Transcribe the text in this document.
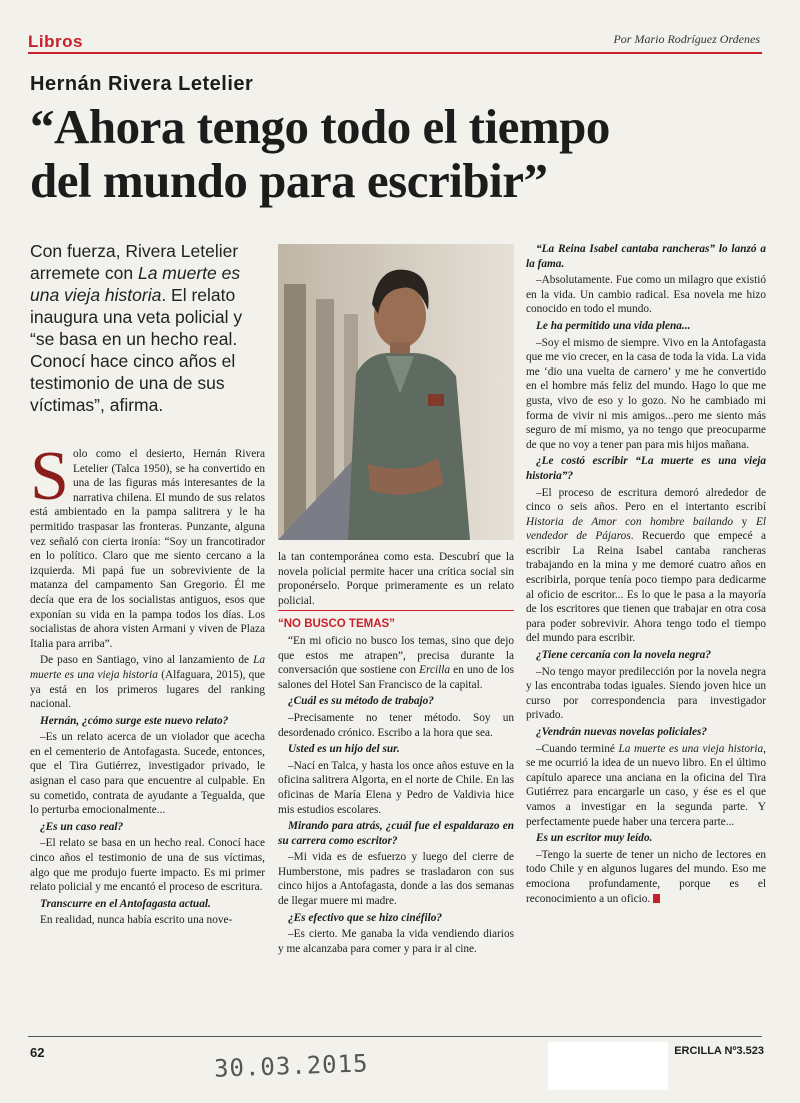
Libros	Por Mario Rodríguez Ordenes
Hernán Rivera Letelier
“Ahora tengo todo el tiempo del mundo para escribir”
Con fuerza, Rivera Letelier arremete con La muerte es una vieja historia. El relato inaugura una veta policial y “se basa en un hecho real. Conocí hace cinco años el testimonio de una de sus víctimas”, afirma.

Solo como el desierto, Hernán Rivera Letelier (Talca 1950), se ha convertido en una de las figuras más interesantes de la narrativa chilena. El mundo de sus relatos está ambientado en la pampa salitrera y le ha permitido traspasar las fronteras. Punzante, alguna vez señaló con cierta ironía: “Soy un francotirador en lo político. Claro que me siento cercano a la izquierda. Mi papá fue un sobreviviente de la matanza del campamento San Gregorio. Él me decía que era de los socialistas antiguos, esos que exponían su vida en la pampa todos los días. Los socialistas de ahora visten Armani y viven de Plaza Italia para arriba”.

De paso en Santiago, vino al lanzamiento de La muerte es una vieja historia (Alfaguara, 2015), que ya está en los primeros lugares del ranking nacional.

Hernán, ¿cómo surge este nuevo relato?

–Es un relato acerca de un violador que acecha en el cementerio de Antofagasta. Sucede, entonces, que el Tira Gutiérrez, investigador privado, le asignan el caso para que encuentre al culpable. En su cometido, contrata de ayudante a Tegualda, que lo perturba emocionalmente...

¿Es un caso real?

–El relato se basa en un hecho real. Conocí hace cinco años el testimonio de una de sus víctimas, algo que me produjo fuerte impacto. Es mi primer relato policial y me encantó el proceso de escritura.

Transcurre en el Antofagasta actual.

En realidad, nunca había escrito una nove-

la tan contemporánea como esta. Descubrí que la novela policial permite hacer una crítica social sin proponérselo. Porque primeramente es un relato policial.

“NO BUSCO TEMAS”

“En mi oficio no busco los temas, sino que dejo que estos me atrapen”, precisa durante la conversación que sostiene con Ercilla en uno de los salones del Hotel San Francisco de la capital.

¿Cuál es su método de trabajo?

–Precisamente no tener método. Soy un desordenado crónico. Escribo a la hora que sea.

Usted es un hijo del sur.

–Nací en Talca, y hasta los once años estuve en la oficina salitrera Algorta, en el norte de Chile. En las oficinas de María Elena y Pedro de Valdivia hice mis estudios escolares.

Mirando para atrás, ¿cuál fue el espaldarazo en su carrera como escritor?

–Mi vida es de esfuerzo y luego del cierre de Humberstone, mis padres se trasladaron con sus cinco hijos a Antofagasta, donde a las dos semanas de llegar muere mi madre.

¿Es efectivo que se hizo cinéfilo?

–Es cierto. Me ganaba la vida vendiendo diarios y me alcanzaba para comer y para ir al cine.

“La Reina Isabel cantaba rancheras” lo lanzó a la fama.

–Absolutamente. Fue como un milagro que existió en la vida. Un cambio radical. Esa novela me hizo conocido en todo el mundo.

Le ha permitido una vida plena...

–Soy el mismo de siempre. Vivo en la Antofagasta que me vio crecer, en la casa de toda la vida. La vida me ‘dio una vuelta de carnero’ y me he convertido en el hombre más feliz del mundo. Hago lo que me gusta, vivo de eso y lo gozo. No he cambiado mi forma de vivir ni mis amigos...pero me siento más seguro de mí mismo, ya no tengo que preocuparme de que no voy a tener pan para mis hijos mañana.

¿Le costó escribir “La muerte es una vieja historia”?

–El proceso de escritura demoró alrededor de cinco o seis años. Pero en el intertanto escribí Historia de Amor con hombre bailando y El vendedor de Pájaros. Recuerdo que empecé a escribir La Reina Isabel cantaba rancheras trabajando en la mina y me demoré cuatro años en escribirla, porque tenía poco tiempo para dedicarme al oficio de escritor... Es lo que le pasa a la mayoría de los escritores que tienen que trabajar en otra cosa para poder sobrevivir. Ahora tengo todo el tiempo del mundo para escribir.

¿Tiene cercanía con la novela negra?

–No tengo mayor predilección por la novela negra y las encontraba todas iguales. Siendo joven hice un curso por correspondencia para investigador privado.

¿Vendrán nuevas novelas policiales?

–Cuando terminé La muerte es una vieja historia, se me ocurrió la idea de un nuevo libro. En el último capítulo aparece una anciana en la oficina del Tira Gutiérrez para encargarle un caso, y ése es el que vamos a investigar en la segunda parte. Y perfectamente puede haber una tercera parte...

Es un escritor muy leído.

–Tengo la suerte de tener un nicho de lectores en todo Chile y en algunos lugares del mundo. Eso me emociona profundamente, porque es el reconocimiento a un oficio.

62	30.03.2015	ERCILLA Nº3.523
